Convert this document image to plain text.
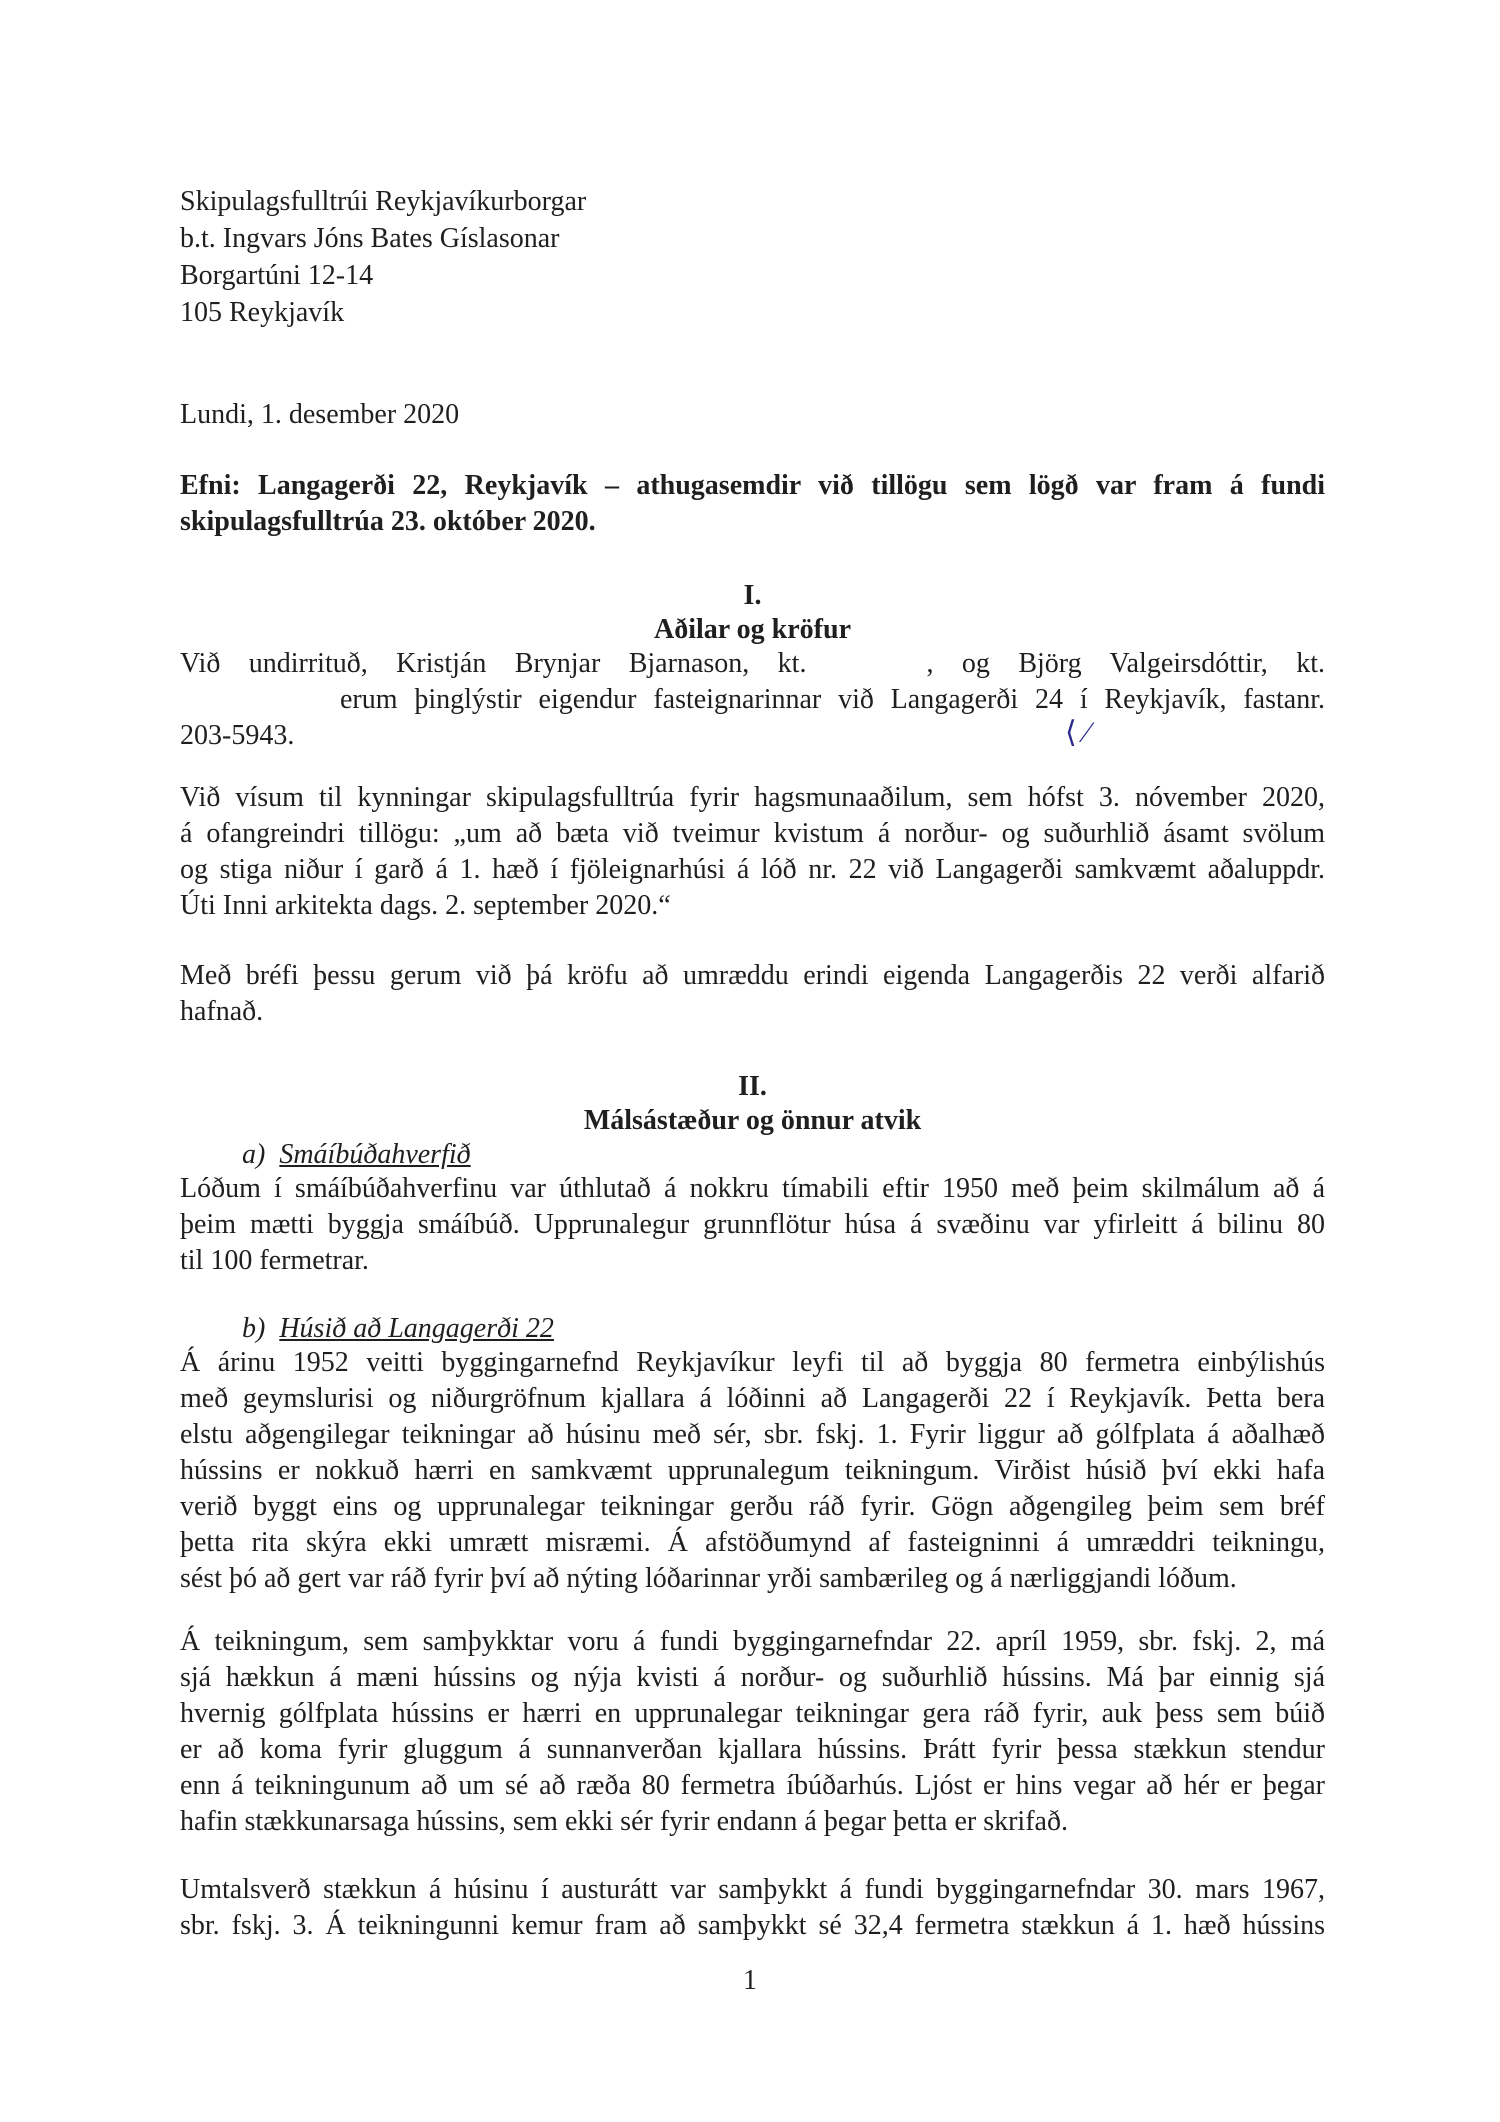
Skipulagsfulltrúi Reykjavíkurborgar
b.t. Ingvars Jóns Bates Gíslasonar
Borgartúni 12-14
105 Reykjavík
Lundi, 1. desember 2020
Efni: Langagerði 22, Reykjavík – athugasemdir við tillögu sem lögð var fram á fundi
skipulagsfulltrúa 23. október 2020.
I.
Aðilar og kröfur
Við undirrituð, Kristján Brynjar Bjarnason, kt.	, og Björg Valgeirsdóttir, kt.
erum þinglýstir eigendur fasteignarinnar við Langagerði 24 í Reykjavík, fastanr.
203-5943.	⟨ ⁄
Við vísum til kynningar skipulagsfulltrúa fyrir hagsmunaaðilum, sem hófst 3. nóvember 2020,
á ofangreindri tillögu: „um að bæta við tveimur kvistum á norður- og suðurhlið ásamt svölum
og stiga niður í garð á 1. hæð í fjöleignarhúsi á lóð nr. 22 við Langagerði samkvæmt aðaluppdr.
Úti Inni arkitekta dags. 2. september 2020.“
Með bréfi þessu gerum við þá kröfu að umræddu erindi eigenda Langagerðis 22 verði alfarið
hafnað.
II.
Málsástæður og önnur atvik
a) Smáíbúðahverfið
Lóðum í smáíbúðahverfinu var úthlutað á nokkru tímabili eftir 1950 með þeim skilmálum að á
þeim mætti byggja smáíbúð. Upprunalegur grunnflötur húsa á svæðinu var yfirleitt á bilinu 80
til 100 fermetrar.
b) Húsið að Langagerði 22
Á árinu 1952 veitti byggingarnefnd Reykjavíkur leyfi til að byggja 80 fermetra einbýlishús
með geymslurisi og niðurgröfnum kjallara á lóðinni að Langagerði 22 í Reykjavík. Þetta bera
elstu aðgengilegar teikningar að húsinu með sér, sbr. fskj. 1. Fyrir liggur að gólfplata á aðalhæð
hússins er nokkuð hærri en samkvæmt upprunalegum teikningum. Virðist húsið því ekki hafa
verið byggt eins og upprunalegar teikningar gerðu ráð fyrir. Gögn aðgengileg þeim sem bréf
þetta rita skýra ekki umrætt misræmi. Á afstöðumynd af fasteigninni á umræddri teikningu,
sést þó að gert var ráð fyrir því að nýting lóðarinnar yrði sambærileg og á nærliggjandi lóðum.
Á teikningum, sem samþykktar voru á fundi byggingarnefndar 22. apríl 1959, sbr. fskj. 2, má
sjá hækkun á mæni hússins og nýja kvisti á norður- og suðurhlið hússins. Má þar einnig sjá
hvernig gólfplata hússins er hærri en upprunalegar teikningar gera ráð fyrir, auk þess sem búið
er að koma fyrir gluggum á sunnanverðan kjallara hússins. Þrátt fyrir þessa stækkun stendur
enn á teikningunum að um sé að ræða 80 fermetra íbúðarhús. Ljóst er hins vegar að hér er þegar
hafin stækkunarsaga hússins, sem ekki sér fyrir endann á þegar þetta er skrifað.
Umtalsverð stækkun á húsinu í austurátt var samþykkt á fundi byggingarnefndar 30. mars 1967,
sbr. fskj. 3. Á teikningunni kemur fram að samþykkt sé 32,4 fermetra stækkun á 1. hæð hússins
1
